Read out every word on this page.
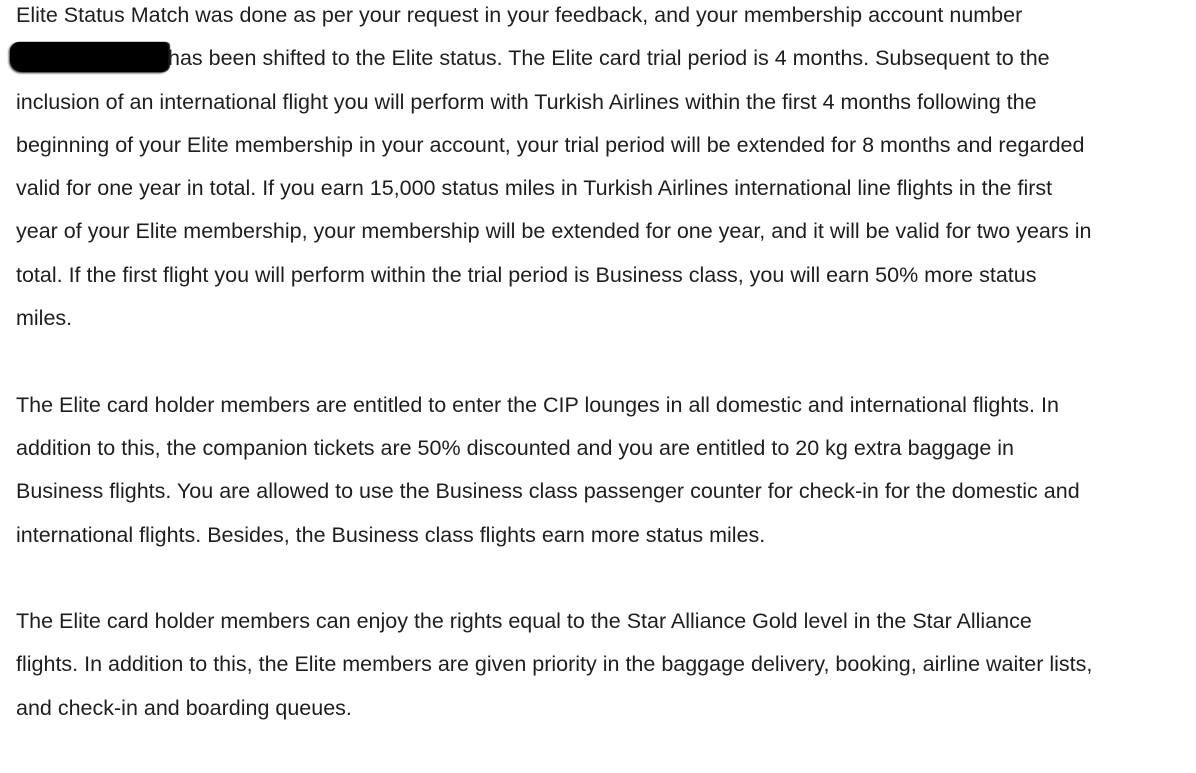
Elite Status Match was done as per your request in your feedback, and your membership account number
has been shifted to the Elite status. The Elite card trial period is 4 months. Subsequent to the
inclusion of an international flight you will perform with Turkish Airlines within the first 4 months following the
beginning of your Elite membership in your account, your trial period will be extended for 8 months and regarded
valid for one year in total. If you earn 15,000 status miles in Turkish Airlines international line flights in the first
year of your Elite membership, your membership will be extended for one year, and it will be valid for two years in
total. If the first flight you will perform within the trial period is Business class, you will earn 50% more status
miles.

The Elite card holder members are entitled to enter the CIP lounges in all domestic and international flights. In
addition to this, the companion tickets are 50% discounted and you are entitled to 20 kg extra baggage in
Business flights. You are allowed to use the Business class passenger counter for check-in for the domestic and
international flights. Besides, the Business class flights earn more status miles.

The Elite card holder members can enjoy the rights equal to the Star Alliance Gold level in the Star Alliance
flights. In addition to this, the Elite members are given priority in the baggage delivery, booking, airline waiter lists,
and check-in and boarding queues.
